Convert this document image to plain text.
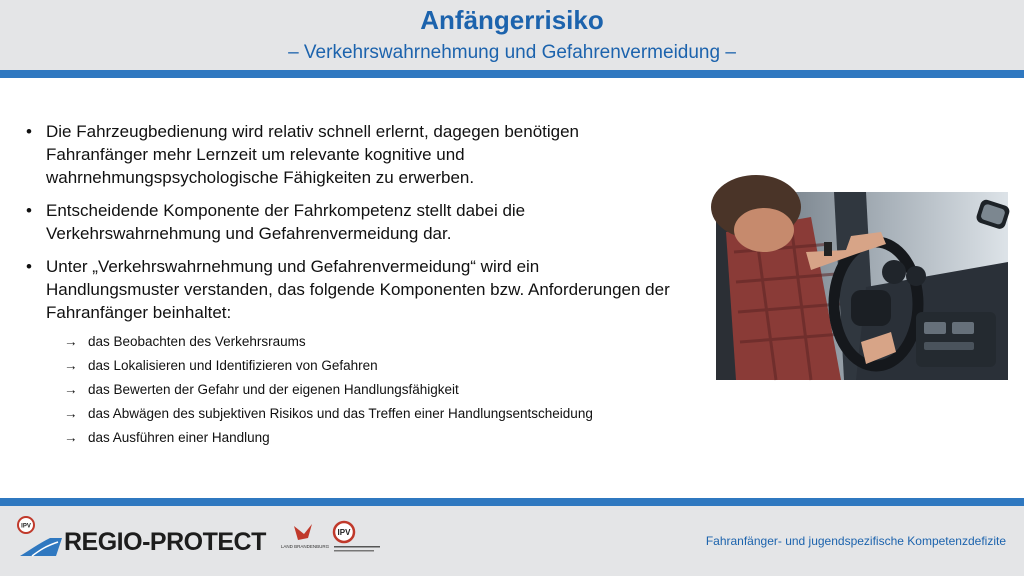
Anfängerrisiko
– Verkehrswahrnehmung und Gefahrenvermeidung –
• Die Fahrzeugbedienung wird relativ schnell erlernt, dagegen benötigen Fahranfänger mehr Lernzeit um relevante kognitive und wahrnehmungspsychologische Fähigkeiten zu erwerben.
• Entscheidende Komponente der Fahrkompetenz stellt dabei die Verkehrswahrnehmung und Gefahrenvermeidung dar.
• Unter „Verkehrswahrnehmung und Gefahrenvermeidung“ wird ein Handlungsmuster verstanden, das folgende Komponenten bzw. Anforderungen der Fahranfänger beinhaltet:
→ das Beobachten des Verkehrsraums
→ das Lokalisieren und Identifizieren von Gefahren
→ das Bewerten der Gefahr und der eigenen Handlungsfähigkeit
→ das Abwägen des subjektiven Risikos und das Treffen einer Handlungsentscheidung
→ das Ausführen einer Handlung
IPV
REGIO-PROTECT	LAND BRANDENBURG
IPV
Fahranfänger- und jugendspezifische Kompetenzdefizite
